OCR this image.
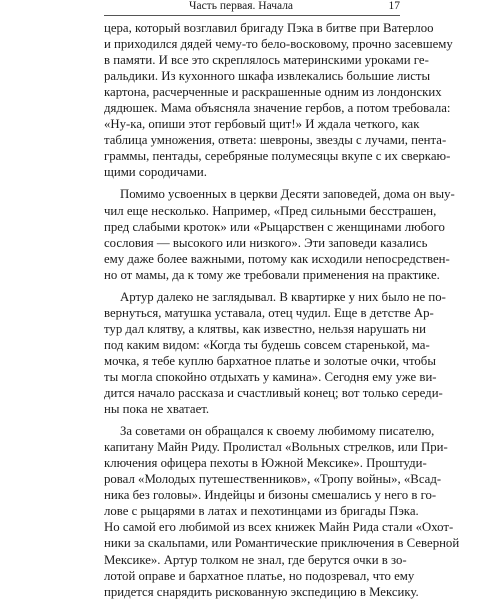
Часть первая. Начала	17
цера, который возглавил бригаду Пэка в битве при Ватерлоо
и приходился дядей чему-то бело-восковому, прочно засевшему
в памяти. И все это скреплялось материнскими уроками ге-
ральдики. Из кухонного шкафа извлекались большие листы
картона, расчерченные и раскрашенные одним из лондонских
дядюшек. Мама объясняла значение гербов, а потом требовала:
«Ну-ка, опиши этот гербовый щит!» И ждала четкого, как
таблица умножения, ответа: шевроны, звезды с лучами, пента-
граммы, пентады, серебряные полумесяцы вкупе с их сверкаю-
щими сородичами.
Помимо усвоенных в церкви Десяти заповедей, дома он выу-
чил еще несколько. Например, «Пред сильными бесстрашен,
пред слабыми кроток» или «Рыцарствен с женщинами любого
сословия — высокого или низкого». Эти заповеди казались
ему даже более важными, потому как исходили непосредствен-
но от мамы, да к тому же требовали применения на практике.
Артур далеко не заглядывал. В квартирке у них было не по-
вернуться, матушка уставала, отец чудил. Еще в детстве Ар-
тур дал клятву, а клятвы, как известно, нельзя нарушать ни
под каким видом: «Когда ты будешь совсем старенькой, ма-
мочка, я тебе куплю бархатное платье и золотые очки, чтобы
ты могла спокойно отдыхать у камина». Сегодня ему уже ви-
дится начало рассказа и счастливый конец; вот только середи-
ны пока не хватает.
За советами он обращался к своему любимому писателю,
капитану Майн Риду. Пролистал «Вольных стрелков, или При-
ключения офицера пехоты в Южной Мексике». Проштуди-
ровал «Молодых путешественников», «Тропу войны», «Всад-
ника без головы». Индейцы и бизоны смешались у него в го-
лове с рыцарями в латах и пехотинцами из бригады Пэка.
Но самой его любимой из всех книжек Майн Рида стали «Охот-
ники за скальпами, или Романтические приключения в Северной
Мексике». Артур толком не знал, где берутся очки в зо-
лотой оправе и бархатное платье, но подозревал, что ему
придется снарядить рискованную экспедицию в Мексику.
